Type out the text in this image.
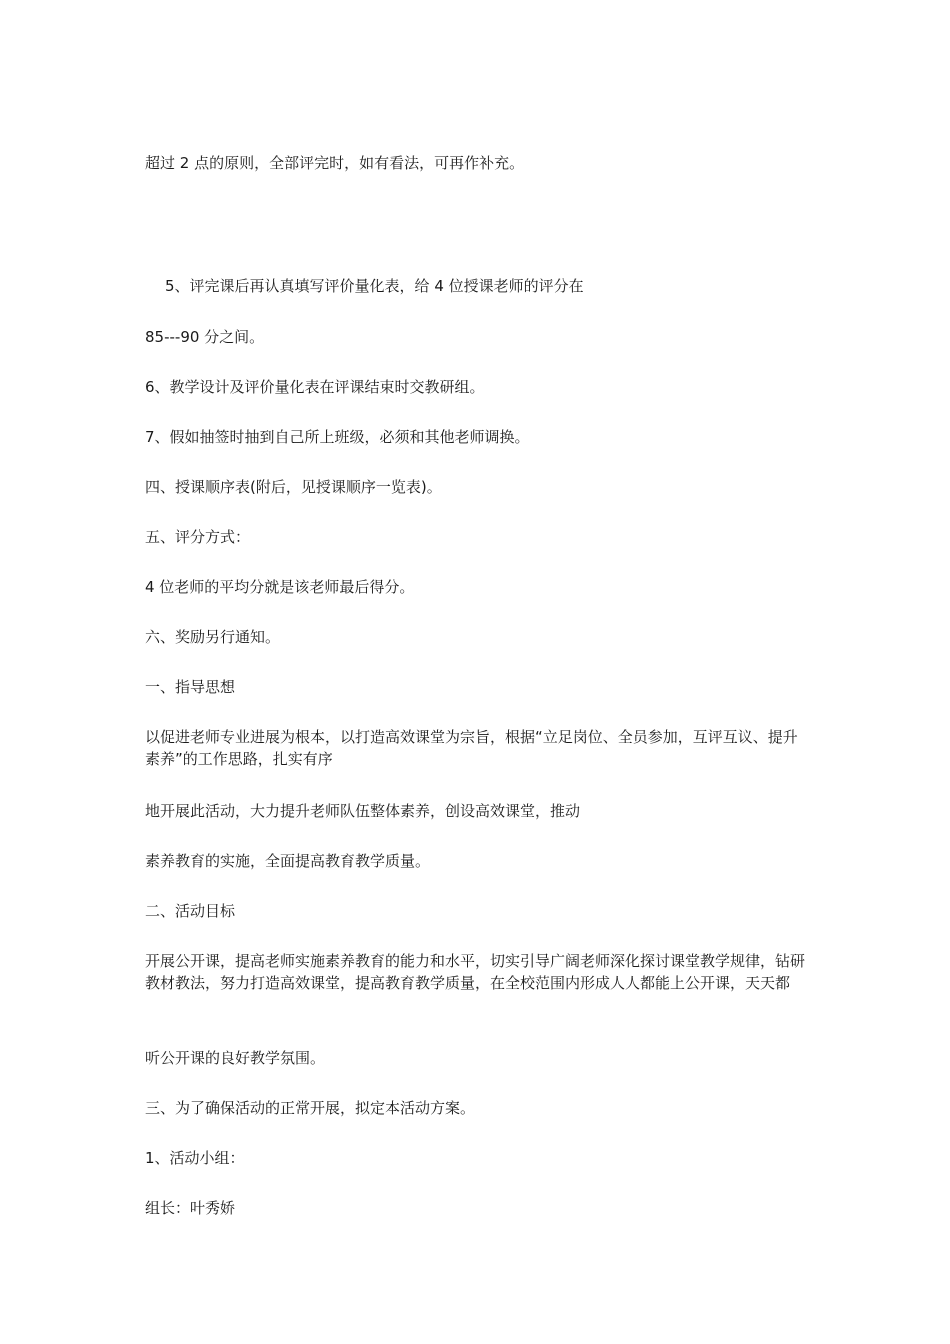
超过 2 点的原则，全部评完时，如有看法，可再作补充。

5、评完课后再认真填写评价量化表，给 4 位授课老师的评分在

85---90 分之间。

6、教学设计及评价量化表在评课结束时交教研组。

7、假如抽签时抽到自己所上班级，必须和其他老师调换。

四、授课顺序表(附后，见授课顺序一览表)。

五、评分方式：

4 位老师的平均分就是该老师最后得分。

六、奖励另行通知。

一、指导思想

以促进老师专业进展为根本，以打造高效课堂为宗旨，根据“立足岗位、全员参加，互评互议、提升素养”的工作思路，扎实有序

地开展此活动，大力提升老师队伍整体素养，创设高效课堂，推动

素养教育的实施，全面提高教育教学质量。

二、活动目标

开展公开课，提高老师实施素养教育的能力和水平，切实引导广阔老师深化探讨课堂教学规律，钻研教材教法，努力打造高效课堂，提高教育教学质量，在全校范围内形成人人都能上公开课，天天都

听公开课的良好教学氛围。

三、为了确保活动的正常开展，拟定本活动方案。

1、活动小组：

组长：叶秀娇
